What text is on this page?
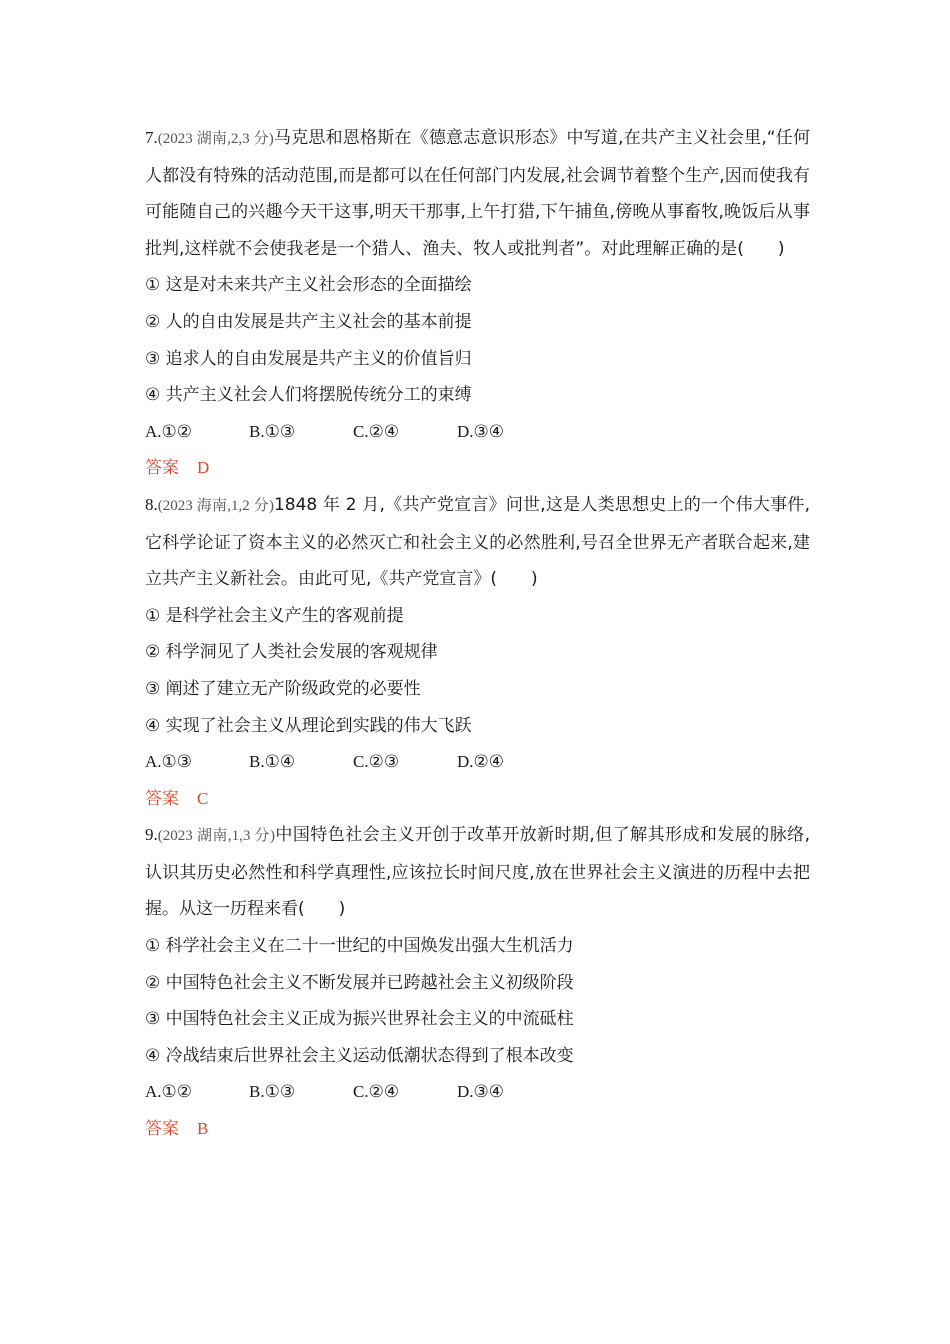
7.(2023 湖南,2,3 分)马克思和恩格斯在《德意志意识形态》中写道,在共产主义社会里,“任何人都没有特殊的活动范围,而是都可以在任何部门内发展,社会调节着整个生产,因而使我有可能随自己的兴趣今天干这事,明天干那事,上午打猎,下午捕鱼,傍晚从事畜牧,晚饭后从事批判,这样就不会使我老是一个猎人、渔夫、牧人或批判者”。对此理解正确的是(　　)
① 这是对未来共产主义社会形态的全面描绘
② 人的自由发展是共产主义社会的基本前提
③ 追求人的自由发展是共产主义的价值旨归
④ 共产主义社会人们将摆脱传统分工的束缚
A.①②	B.①③	C.②④	D.③④
答案 D
8.(2023 海南,1,2 分)1848 年 2 月,《共产党宣言》问世,这是人类思想史上的一个伟大事件,它科学论证了资本主义的必然灭亡和社会主义的必然胜利,号召全世界无产者联合起来,建立共产主义新社会。由此可见,《共产党宣言》(　　)
① 是科学社会主义产生的客观前提
② 科学洞见了人类社会发展的客观规律
③ 阐述了建立无产阶级政党的必要性
④ 实现了社会主义从理论到实践的伟大飞跃
A.①③	B.①④	C.②③	D.②④
答案 C
9.(2023 湖南,1,3 分)中国特色社会主义开创于改革开放新时期,但了解其形成和发展的脉络,认识其历史必然性和科学真理性,应该拉长时间尺度,放在世界社会主义演进的历程中去把握。从这一历程来看(　　)
① 科学社会主义在二十一世纪的中国焕发出强大生机活力
② 中国特色社会主义不断发展并已跨越社会主义初级阶段
③ 中国特色社会主义正成为振兴世界社会主义的中流砥柱
④ 冷战结束后世界社会主义运动低潮状态得到了根本改变
A.①②	B.①③	C.②④	D.③④
答案 B
